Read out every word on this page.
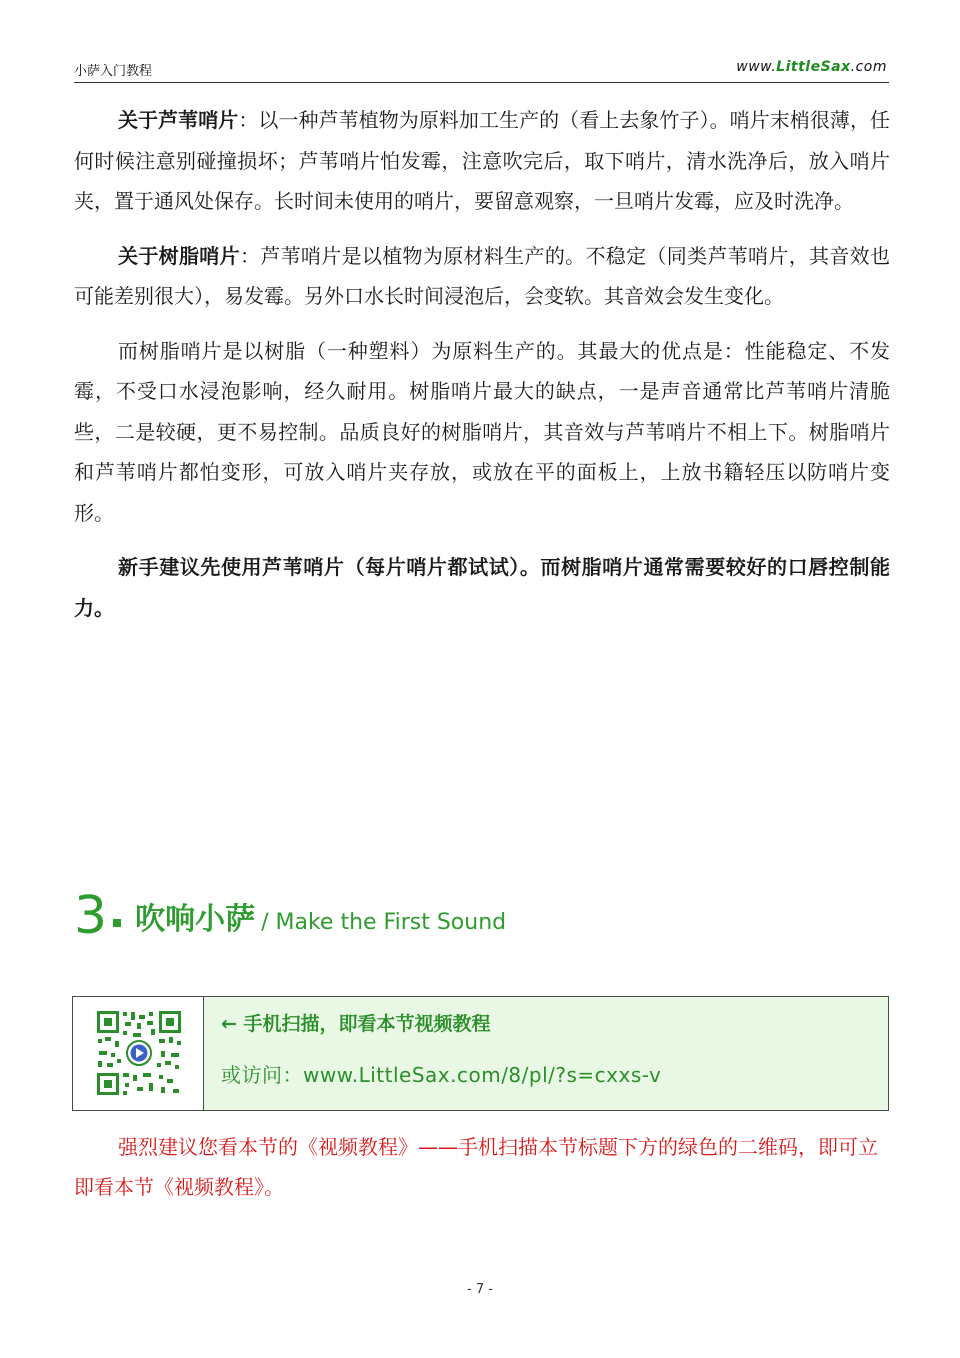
小萨入门教程	www.LittleSax.com

关于芦苇哨片：以一种芦苇植物为原料加工生产的（看上去象竹子）。哨片末梢很薄，任何时候注意别碰撞损坏；芦苇哨片怕发霉，注意吹完后，取下哨片，清水洗净后，放入哨片夹，置于通风处保存。长时间未使用的哨片，要留意观察，一旦哨片发霉，应及时洗净。

关于树脂哨片：芦苇哨片是以植物为原材料生产的。不稳定（同类芦苇哨片，其音效也可能差别很大），易发霉。另外口水长时间浸泡后，会变软。其音效会发生变化。

而树脂哨片是以树脂（一种塑料）为原料生产的。其最大的优点是：性能稳定、不发霉，不受口水浸泡影响，经久耐用。树脂哨片最大的缺点，一是声音通常比芦苇哨片清脆些，二是较硬，更不易控制。品质良好的树脂哨片，其音效与芦苇哨片不相上下。树脂哨片和芦苇哨片都怕变形，可放入哨片夹存放，或放在平的面板上，上放书籍轻压以防哨片变形。

新手建议先使用芦苇哨片（每片哨片都试试）。而树脂哨片通常需要较好的口唇控制能力。

3 吹响小萨 / Make the First Sound
← 手机扫描，即看本节视频教程
或访问：www.LittleSax.com/8/pl/?s=cxxs-v
强烈建议您看本节的《视频教程》——手机扫描本节标题下方的绿色的二维码，即可立即看本节《视频教程》。
- 7 -
